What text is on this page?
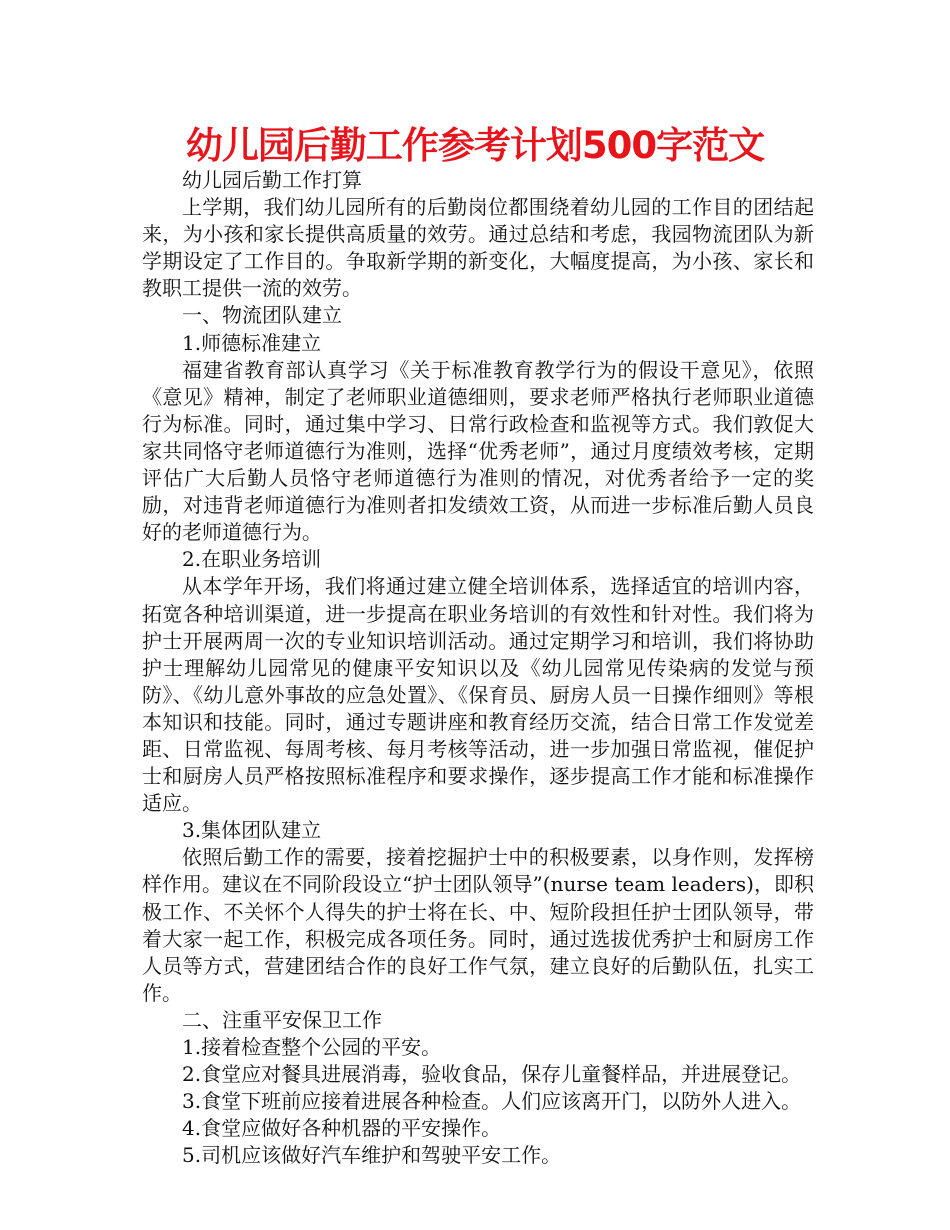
幼儿园后勤工作参考计划500字范文

幼儿园后勤工作打算

上学期，我们幼儿园所有的后勤岗位都围绕着幼儿园的工作目的团结起来，为小孩和家长提供高质量的效劳。通过总结和考虑，我园物流团队为新学期设定了工作目的。争取新学期的新变化，大幅度提高，为小孩、家长和教职工提供一流的效劳。

一、物流团队建立

1.师德标准建立

福建省教育部认真学习《关于标准教育教学行为的假设干意见》，依照《意见》精神，制定了老师职业道德细则，要求老师严格执行老师职业道德行为标准。同时，通过集中学习、日常行政检查和监视等方式。我们敦促大家共同恪守老师道德行为准则，选择“优秀老师”，通过月度绩效考核，定期评估广大后勤人员恪守老师道德行为准则的情况，对优秀者给予一定的奖励，对违背老师道德行为准则者扣发绩效工资，从而进一步标准后勤人员良好的老师道德行为。

2.在职业务培训

从本学年开场，我们将通过建立健全培训体系，选择适宜的培训内容，拓宽各种培训渠道，进一步提高在职业务培训的有效性和针对性。我们将为护士开展两周一次的专业知识培训活动。通过定期学习和培训，我们将协助护士理解幼儿园常见的健康平安知识以及《幼儿园常见传染病的发觉与预防》、《幼儿意外事故的应急处置》、《保育员、厨房人员一日操作细则》等根本知识和技能。同时，通过专题讲座和教育经历交流，结合日常工作发觉差距、日常监视、每周考核、每月考核等活动，进一步加强日常监视，催促护士和厨房人员严格按照标准程序和要求操作，逐步提高工作才能和标准操作适应。

3.集体团队建立

依照后勤工作的需要，接着挖掘护士中的积极要素，以身作则，发挥榜样作用。建议在不同阶段设立“护士团队领导”(nurse team leaders)，即积极工作、不关怀个人得失的护士将在长、中、短阶段担任护士团队领导，带着大家一起工作，积极完成各项任务。同时，通过选拔优秀护士和厨房工作人员等方式，营建团结合作的良好工作气氛，建立良好的后勤队伍，扎实工作。

二、注重平安保卫工作

1.接着检查整个公园的平安。

2.食堂应对餐具进展消毒，验收食品，保存儿童餐样品，并进展登记。

3.食堂下班前应接着进展各种检查。人们应该离开门，以防外人进入。

4.食堂应做好各种机器的平安操作。

5.司机应该做好汽车维护和驾驶平安工作。
